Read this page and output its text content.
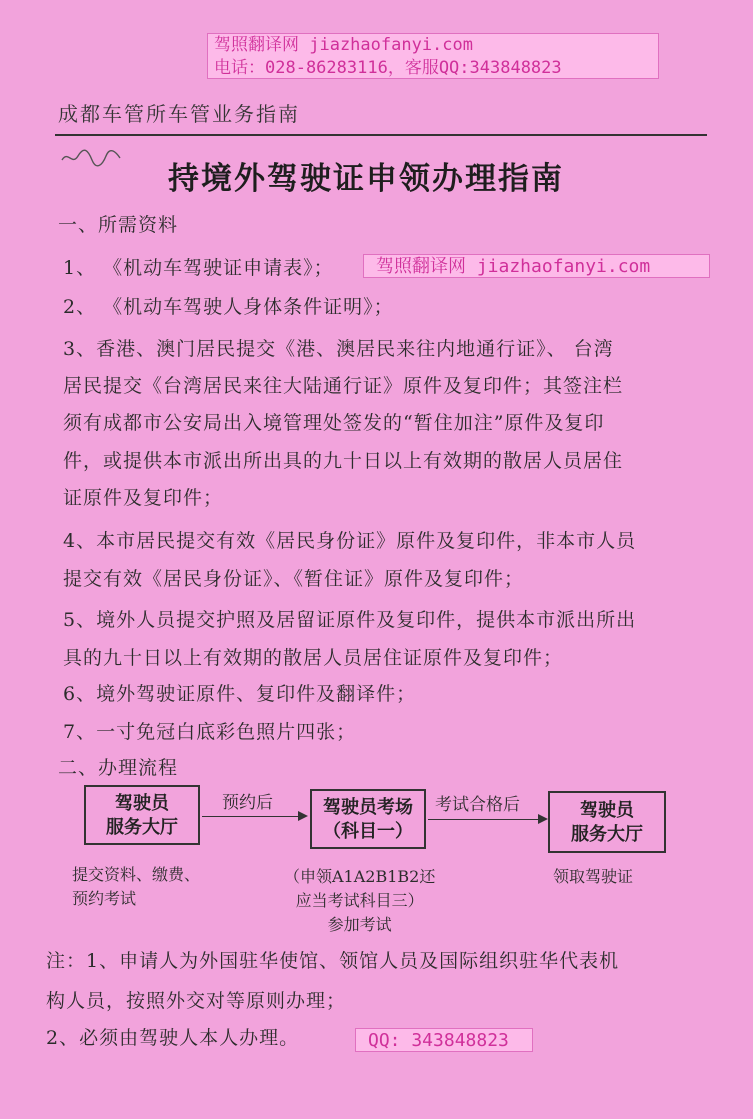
驾照翻译网 jiazhaofanyi.com
电话：028-86283116，客服QQ:343848823
成都车管所车管业务指南
持境外驾驶证申领办理指南
一、所需资料
1、 《机动车驾驶证申请表》；	驾照翻译网 jiazhaofanyi.com
2、 《机动车驾驶人身体条件证明》；
3、香港、澳门居民提交《港、澳居民来往内地通行证》、 台湾
居民提交《台湾居民来往大陆通行证》原件及复印件；其签注栏
须有成都市公安局出入境管理处签发的“暂住加注”原件及复印
件，或提供本市派出所出具的九十日以上有效期的散居人员居住
证原件及复印件；
4、本市居民提交有效《居民身份证》原件及复印件，非本市人员
提交有效《居民身份证》、《暂住证》原件及复印件；
5、境外人员提交护照及居留证原件及复印件，提供本市派出所出
具的九十日以上有效期的散居人员居住证原件及复印件；
6、境外驾驶证原件、复印件及翻译件；
7、一寸免冠白底彩色照片四张；
二、办理流程
驾驶员
服务大厅
预约后	驾驶员考场
（科目一）
考试合格后	驾驶员
服务大厅
提交资料、缴费、
预约考试
（申领A1A2B1B2还
应当考试科目三）
参加考试
领取驾驶证
注：1、申请人为外国驻华使馆、领馆人员及国际组织驻华代表机
构人员，按照外交对等原则办理；
2、必须由驾驶人本人办理。	QQ: 343848823
